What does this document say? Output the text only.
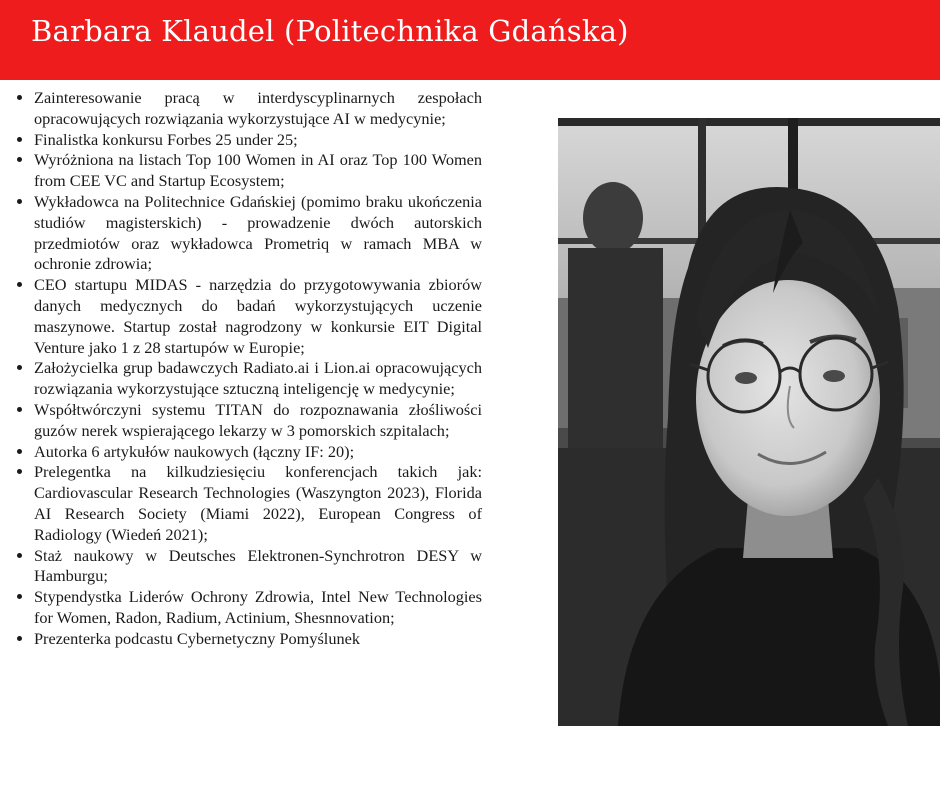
Barbara Klaudel (Politechnika Gdańska)
• Zainteresowanie pracą w interdyscyplinarnych zespołach opracowujących rozwiązania wykorzystujące AI w medycynie;
• Finalistka konkursu Forbes 25 under 25;
• Wyróżniona na listach Top 100 Women in AI oraz Top 100 Women from CEE VC and Startup Ecosystem;
• Wykładowca na Politechnice Gdańskiej (pomimo braku ukończenia studiów magisterskich) - prowadzenie dwóch autorskich przedmiotów oraz wykładowca Prometriq w ramach MBA w ochronie zdrowia;
• CEO startupu MIDAS - narzędzia do przygotowywania zbiorów danych medycznych do badań wykorzystujących uczenie maszynowe. Startup został nagrodzony w konkursie EIT Digital Venture jako 1 z 28 startupów w Europie;
• Założycielka grup badawczych Radiato.ai i Lion.ai opracowujących rozwiązania wykorzystujące sztuczną inteligencję w medycynie;
• Współtwórczyni systemu TITAN do rozpoznawania złośliwości guzów nerek wspierającego lekarzy w 3 pomorskich szpitalach;
• Autorka 6 artykułów naukowych (łączny IF: 20);
• Prelegentka na kilkudziesięciu konferencjach takich jak: Cardiovascular Research Technologies (Waszyngton 2023), Florida AI Research Society (Miami 2022), European Congress of Radiology (Wiedeń 2021);
• Staż naukowy w Deutsches Elektronen-Synchrotron DESY w Hamburgu;
• Stypendystka Liderów Ochrony Zdrowia, Intel New Technologies for Women, Radon, Radium, Actinium, Shesnnovation;
• Prezenterka podcastu Cybernetyczny Pomyślunek
